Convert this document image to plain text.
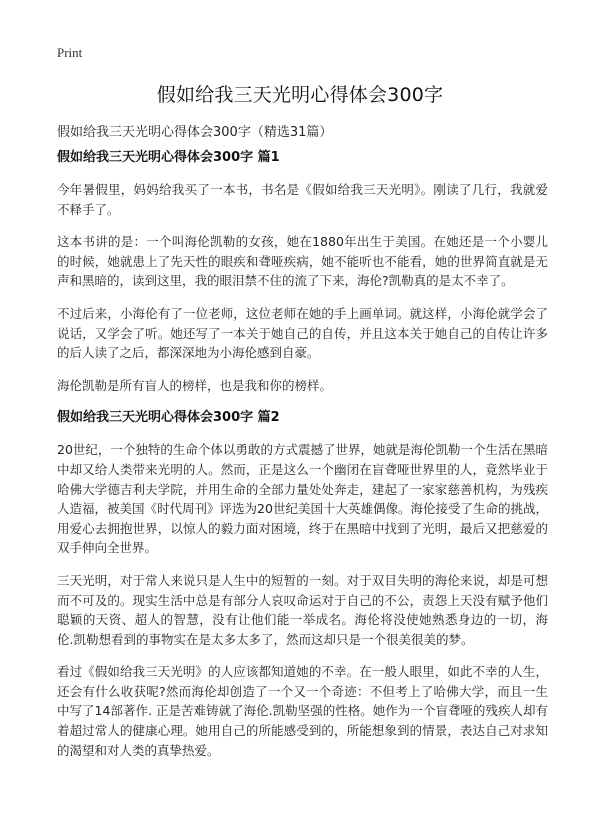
Print
假如给我三天光明心得体会300字

假如给我三天光明心得体会300字（精选31篇）

假如给我三天光明心得体会300字 篇1

今年暑假里，妈妈给我买了一本书，书名是《假如给我三天光明》。刚读了几行，我就爱不释手了。

这本书讲的是：一个叫海伦凯勒的女孩，她在1880年出生于美国。在她还是一个小婴儿的时候，她就患上了先天性的眼疾和聋哑疾病，她不能听也不能看，她的世界简直就是无声和黑暗的，读到这里，我的眼泪禁不住的流了下来，海伦?凯勒真的是太不幸了。

不过后来，小海伦有了一位老师，这位老师在她的手上画单词。就这样，小海伦就学会了说话，又学会了听。她还写了一本关于她自己的自传，并且这本关于她自己的自传让许多的后人读了之后，都深深地为小海伦感到自豪。

海伦凯勒是所有盲人的榜样，也是我和你的榜样。

假如给我三天光明心得体会300字 篇2

20世纪，一个独特的生命个体以勇敢的方式震撼了世界，她就是海伦凯勒一个生活在黑暗中却又给人类带来光明的人。然而，正是这么一个幽闭在盲聋哑世界里的人，竟然毕业于哈佛大学德吉利夫学院，并用生命的全部力量处处奔走，建起了一家家慈善机构，为残疾人造福，被美国《时代周刊》评选为20世纪美国十大英雄偶像。海伦接受了生命的挑战，用爱心去拥抱世界，以惊人的毅力面对困境，终于在黑暗中找到了光明，最后又把慈爱的双手伸向全世界。

三天光明，对于常人来说只是人生中的短暂的一刻。对于双目失明的海伦来说，却是可想而不可及的。现实生活中总是有部分人哀叹命运对于自己的不公，责怨上天没有赋予他们聪颖的天资、超人的智慧，没有让他们能一举成名。海伦将没使她熟悉身边的一切，海伦.凯勒想看到的事物实在是太多太多了，然而这却只是一个很美很美的梦。

看过《假如给我三天光明》的人应该都知道她的不幸。在一般人眼里，如此不幸的人生，还会有什么收获呢?然而海伦却创造了一个又一个奇迹：不但考上了哈佛大学，而且一生中写了14部著作. 正是苦难铸就了海伦.凯勒坚强的性格。她作为一个盲聋哑的残疾人却有着超过常人的健康心理。她用自己的所能感受到的，所能想象到的情景，表达自己对求知的渴望和对人类的真挚热爱。
